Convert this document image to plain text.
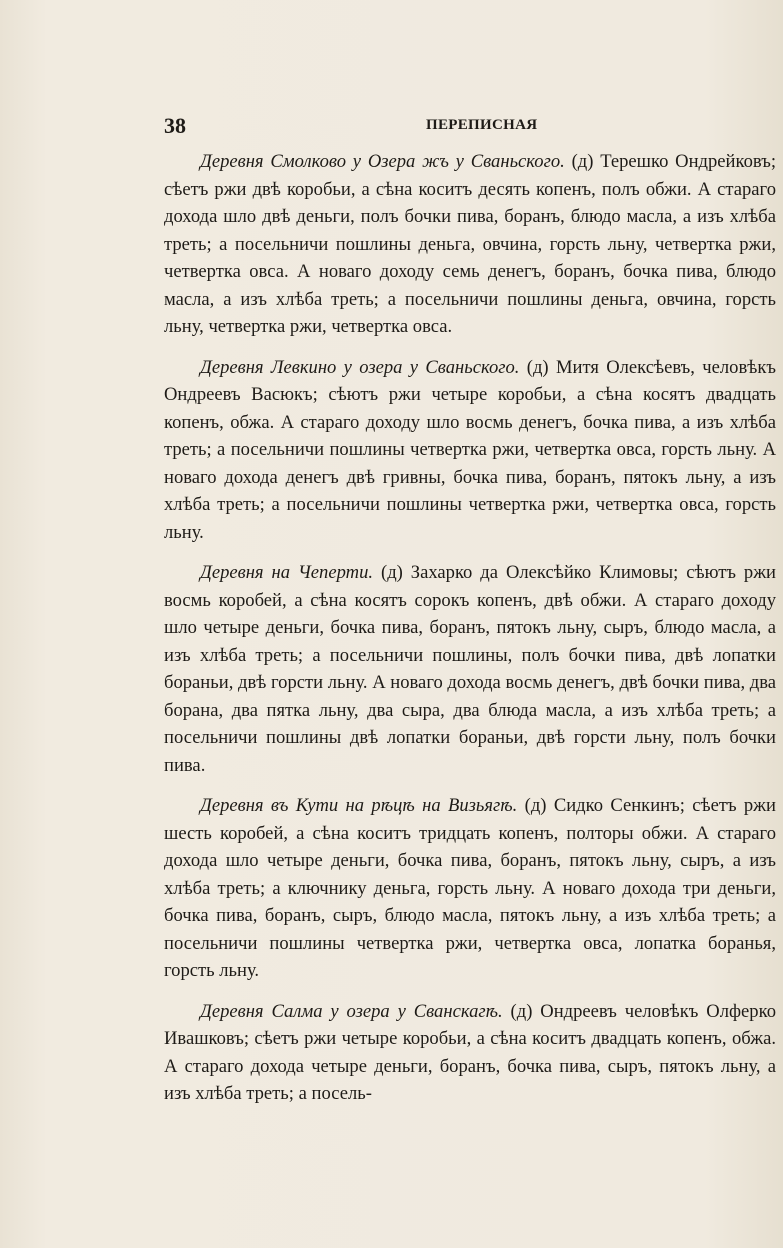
38	ПЕРЕПИСНАЯ

Деревня Смолково у Озера жъ у Сваньского. (д) Терешко Ондрейковъ; сѣетъ ржи двѣ коробьи, а сѣна коситъ десять копенъ, полъ обжи. А стараго дохода шло двѣ деньги, полъ бочки пива, боранъ, блюдо масла, а изъ хлѣба треть; а посельничи пошлины деньга, овчина, горсть льну, четвертка ржи, четвертка овса. А новаго доходу семь денегъ, боранъ, бочка пива, блюдо масла, а изъ хлѣба треть; а посельничи пошлины деньга, овчина, горсть льну, четвертка ржи, четвертка овса.

Деревня Левкино у озера у Сваньского. (д) Митя Олексѣевъ, человѣкъ Ондреевъ Васюкъ; сѣютъ ржи четыре коробьи, а сѣна косятъ двадцать копенъ, обжа. А стараго доходу шло восмь денегъ, бочка пива, а изъ хлѣба треть; а посельничи пошлины четвертка ржи, четвертка овса, горсть льну. А новаго дохода денегъ двѣ гривны, бочка пива, боранъ, пятокъ льну, а изъ хлѣба треть; а посельничи пошлины четвертка ржи, четвертка овса, горсть льну.

Деревня на Чеперти. (д) Захарко да Олексѣйко Климовы; сѣютъ ржи восмь коробей, а сѣна косятъ сорокъ копенъ, двѣ обжи. А стараго доходу шло четыре деньги, бочка пива, боранъ, пятокъ льну, сыръ, блюдо масла, а изъ хлѣба треть; а посельничи пошлины, полъ бочки пива, двѣ лопатки бораньи, двѣ горсти льну. А новаго дохода восмь денегъ, двѣ бочки пива, два борана, два пятка льну, два сыра, два блюда масла, а изъ хлѣба треть; а посельничи пошлины двѣ лопатки бораньи, двѣ горсти льну, полъ бочки пива.

Деревня въ Кути на рѣцѣ на Визьягѣ. (д) Сидко Сенкинъ; сѣетъ ржи шесть коробей, а сѣна коситъ тридцать копенъ, полторы обжи. А стараго дохода шло четыре деньги, бочка пива, боранъ, пятокъ льну, сыръ, а изъ хлѣба треть; а ключнику деньга, горсть льну. А новаго дохода три деньги, бочка пива, боранъ, сыръ, блюдо масла, пятокъ льну, а изъ хлѣба треть; а посельничи пошлины четвертка ржи, четвертка овса, лопатка боранья, горсть льну.

Деревня Салма у озера у Сванскагѣ. (д) Ондреевъ человѣкъ Олферко Ивашковъ; сѣетъ ржи четыре коробьи, а сѣна коситъ двадцать копенъ, обжа. А стараго дохода четыре деньги, боранъ, бочка пива, сыръ, пятокъ льну, а изъ хлѣба треть; а посель-
